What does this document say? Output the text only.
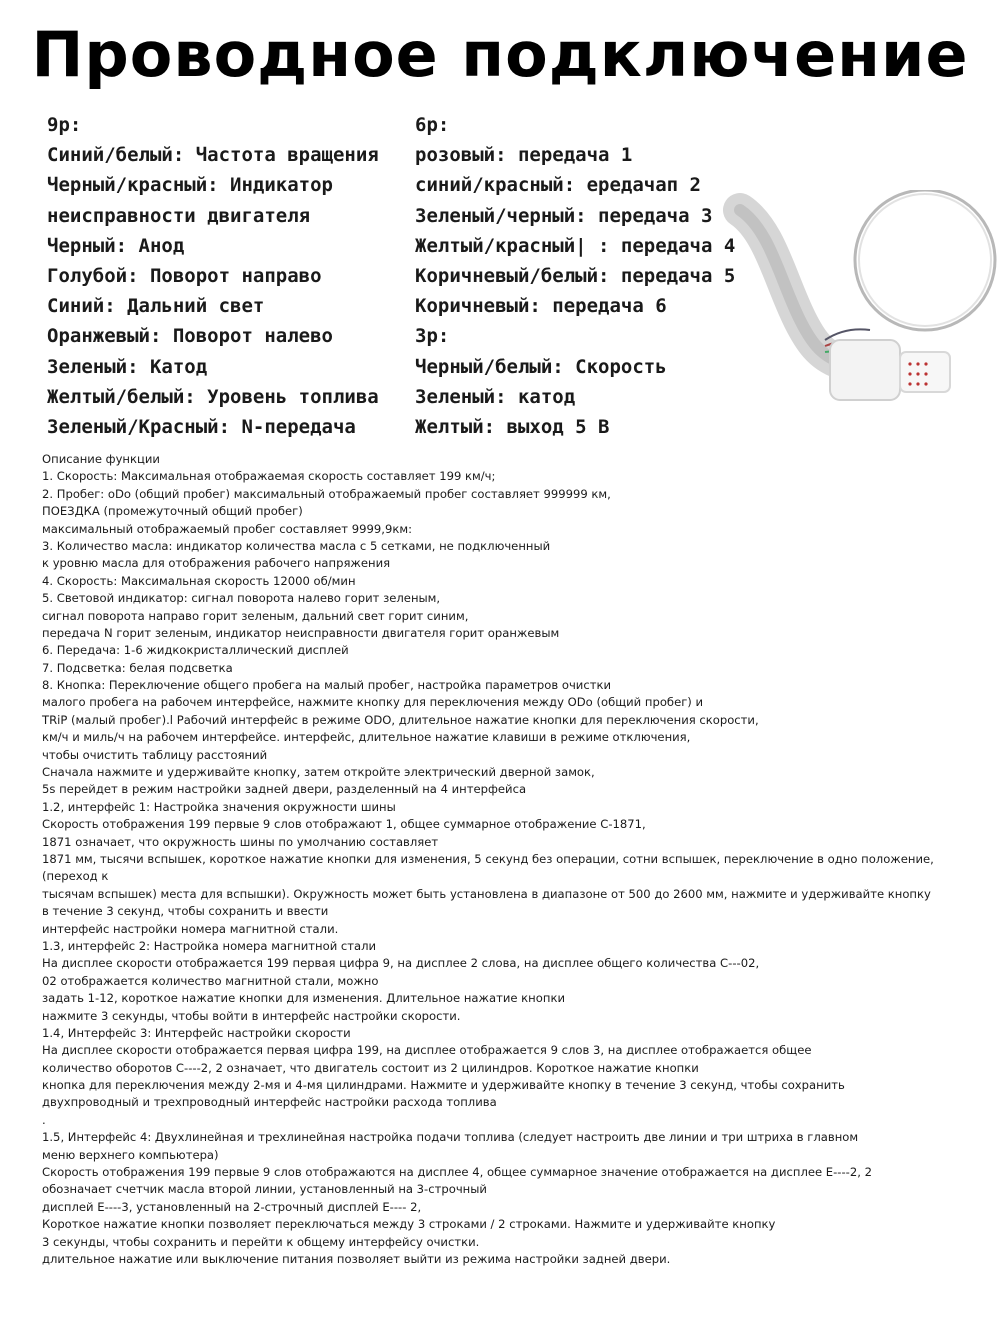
Проводное подключение
9p:
Синий/белый: Частота вращения
Черный/красный: Индикатор
неисправности двигателя
Черный: Анод
Голубой: Поворот направо
Синий: Дальний свет
Оранжевый: Поворот налево
Зеленый: Катод
Желтый/белый: Уровень топлива
Зеленый/Красный: N-передача
6p:
розовый: передача 1
синий/красный: ередачап 2
Зеленый/черный: передача 3
Желтый/красный| : передача 4
Коричневый/белый: передача 5
Коричневый: передача 6
3p:
Черный/белый: Скорость
Зеленый: катод
Желтый: выход 5 В
Описание функции
1. Скорость: Максимальная отображаемая скорость составляет 199 км/ч;
2. Пробег: oDo (общий пробег) максимальный отображаемый пробег составляет 999999 км,
ПОЕЗДКА (промежуточный общий пробег)
максимальный отображаемый пробег составляет 9999,9км:
3. Количество масла: индикатор количества масла с 5 сетками, не подключенный
к уровню масла для отображения рабочего напряжения
4. Скорость: Максимальная скорость 12000 об/мин
5. Световой индикатор: сигнал поворота налево горит зеленым,
сигнал поворота направо горит зеленым, дальний свет горит синим,
передача N горит зеленым, индикатор неисправности двигателя горит оранжевым
6. Передача: 1-6 жидкокристаллический дисплей
7. Подсветка: белая подсветка
8. Кнопка: Переключение общего пробега на малый пробег, настройка параметров очистки
малого пробега на рабочем интерфейсе, нажмите кнопку для переключения между ODo (общий пробег) и
TRiP (малый пробег).l Рабочий интерфейс в режиме ODO, длительное нажатие кнопки для переключения скорости,
км/ч и миль/ч на рабочем интерфейсе. интерфейс, длительное нажатие клавиши в режиме отключения,
чтобы очистить таблицу расстояний
Сначала нажмите и удерживайте кнопку, затем откройте электрический дверной замок,
5s перейдет в режим настройки задней двери, разделенный на 4 интерфейса
1.2, интерфейс 1: Настройка значения окружности шины
Скорость отображения 199 первые 9 слов отображают 1, общее суммарное отображение С-1871,
1871 означает, что окружность шины по умолчанию составляет
1871 мм, тысячи вспышек, короткое нажатие кнопки для изменения, 5 секунд без операции, сотни вспышек, переключение в одно положение,
(переход к
тысячам вспышек) места для вспышки). Окружность может быть установлена в диапазоне от 500 до 2600 мм, нажмите и удерживайте кнопку
в течение 3 секунд, чтобы сохранить и ввести
интерфейс настройки номера магнитной стали.
1.3, интерфейс 2: Настройка номера магнитной стали
На дисплее скорости отображается 199 первая цифра 9, на дисплее 2 слова, на дисплее общего количества С---02,
02 отображается количество магнитной стали, можно
задать 1-12, короткое нажатие кнопки для изменения. Длительное нажатие кнопки
нажмите 3 секунды, чтобы войти в интерфейс настройки скорости.
1.4, Интерфейс 3: Интерфейс настройки скорости
На дисплее скорости отображается первая цифра 199, на дисплее отображается 9 слов 3, на дисплее отображается общее
количество оборотов С----2, 2 означает, что двигатель состоит из 2 цилиндров. Короткое нажатие кнопки
кнопка для переключения между 2-мя и 4-мя цилиндрами. Нажмите и удерживайте кнопку в течение 3 секунд, чтобы сохранить
двухпроводный и трехпроводный интерфейс настройки расхода топлива
.
1.5, Интерфейс 4: Двухлинейная и трехлинейная настройка подачи топлива (следует настроить две линии и три штриха в главном
меню верхнего компьютера)
Скорость отображения 199 первые 9 слов отображаются на дисплее 4, общее суммарное значение отображается на дисплее E----2, 2
обозначает счетчик масла второй линии, установленный на 3-строчный
дисплей Е----3, установленный на 2-строчный дисплей Е---- 2,
Короткое нажатие кнопки позволяет переключаться между 3 строками / 2 строками. Нажмите и удерживайте кнопку
3 секунды, чтобы сохранить и перейти к общему интерфейсу очистки.
длительное нажатие или выключение питания позволяет выйти из режима настройки задней двери.
